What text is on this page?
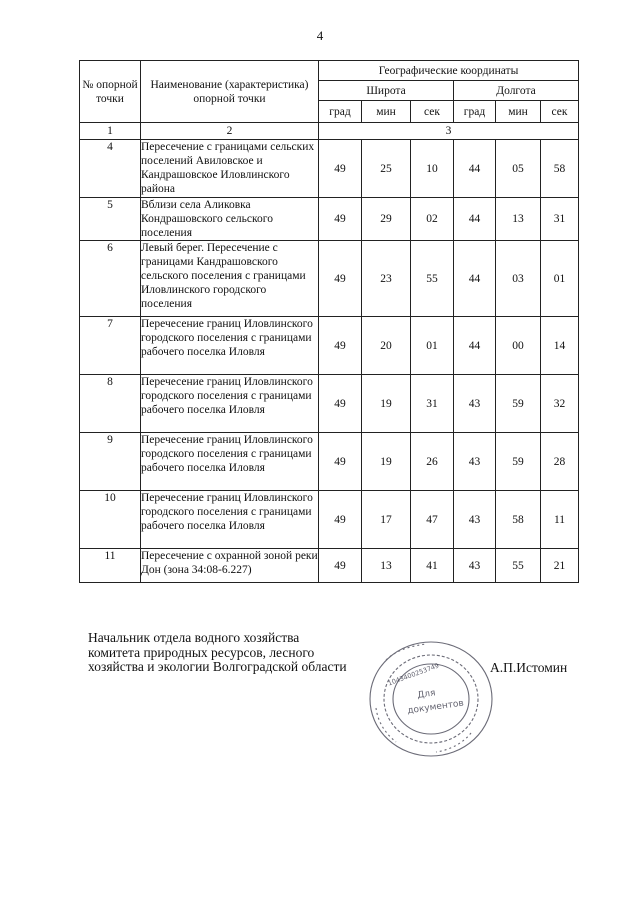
4
№ опорной точки	Наименование (характеристика) опорной точки	Географические координаты					
		Широта			Долгота		
		град	мин	сек	град	мин	сек
1	2	3					
4	Пересечение с границами сельских поселений Авиловское и Кандрашовское Иловлинского района	49	25	10	44	05	58
5	Вблизи села Аликовка Кондрашовского сельского поселения	49	29	02	44	13	31
6	Левый берег. Пересечение с границами Кандрашовского сельского поселения с границами Иловлинского городского поселения	49	23	55	44	03	01
7	Перечесение границ Иловлинского городского поселения с границами рабочего поселка Иловля	49	20	01	44	00	14
8	Перечесение границ Иловлинского городского поселения с границами рабочего поселка Иловля	49	19	31	43	59	32
9	Перечесение границ Иловлинского городского поселения с границами рабочего поселка Иловля	49	19	26	43	59	28
10	Перечесение границ Иловлинского городского поселения с границами рабочего поселка Иловля	49	17	47	43	58	11
11	Пересечение с охранной зоной реки Дон (зона 34:08-6.227)	49	13	41	43	55	21
Начальник отдела водного хозяйства
комитета природных ресурсов, лесного
хозяйства и экологии Волгоградской области
Для
документов
1043400253749	А.П.Истомин
